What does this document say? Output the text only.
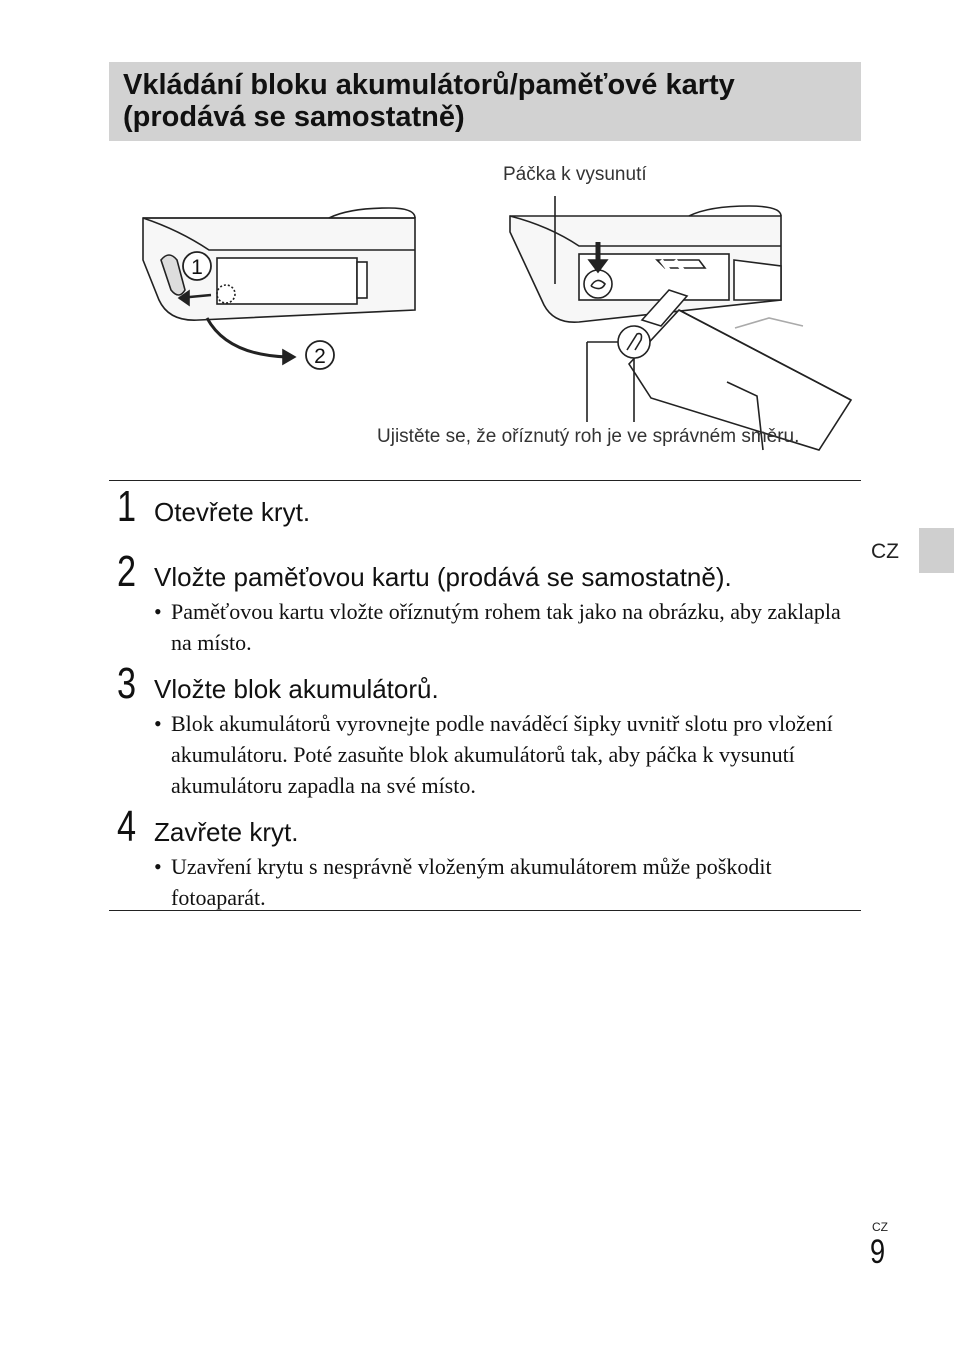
Vkládání bloku akumulátorů/paměťové karty
(prodává se samostatně)
1
2
Páčka k vysunutí
Ujistěte se, že oříznutý roh je ve správném směru.
1 Otevřete kryt.
2 Vložte paměťovou kartu (prodává se samostatně).
• Paměťovou kartu vložte oříznutým rohem tak jako na obrázku, aby zaklapla na místo.
3 Vložte blok akumulátorů.
• Blok akumulátorů vyrovnejte podle naváděcí šipky uvnitř slotu pro vložení akumulátoru. Poté zasuňte blok akumulátorů tak, aby páčka k vysunutí akumulátoru zapadla na své místo.
4 Zavřete kryt.
• Uzavření krytu s nesprávně vloženým akumulátorem může poškodit fotoaparát.
CZ
CZ
9
